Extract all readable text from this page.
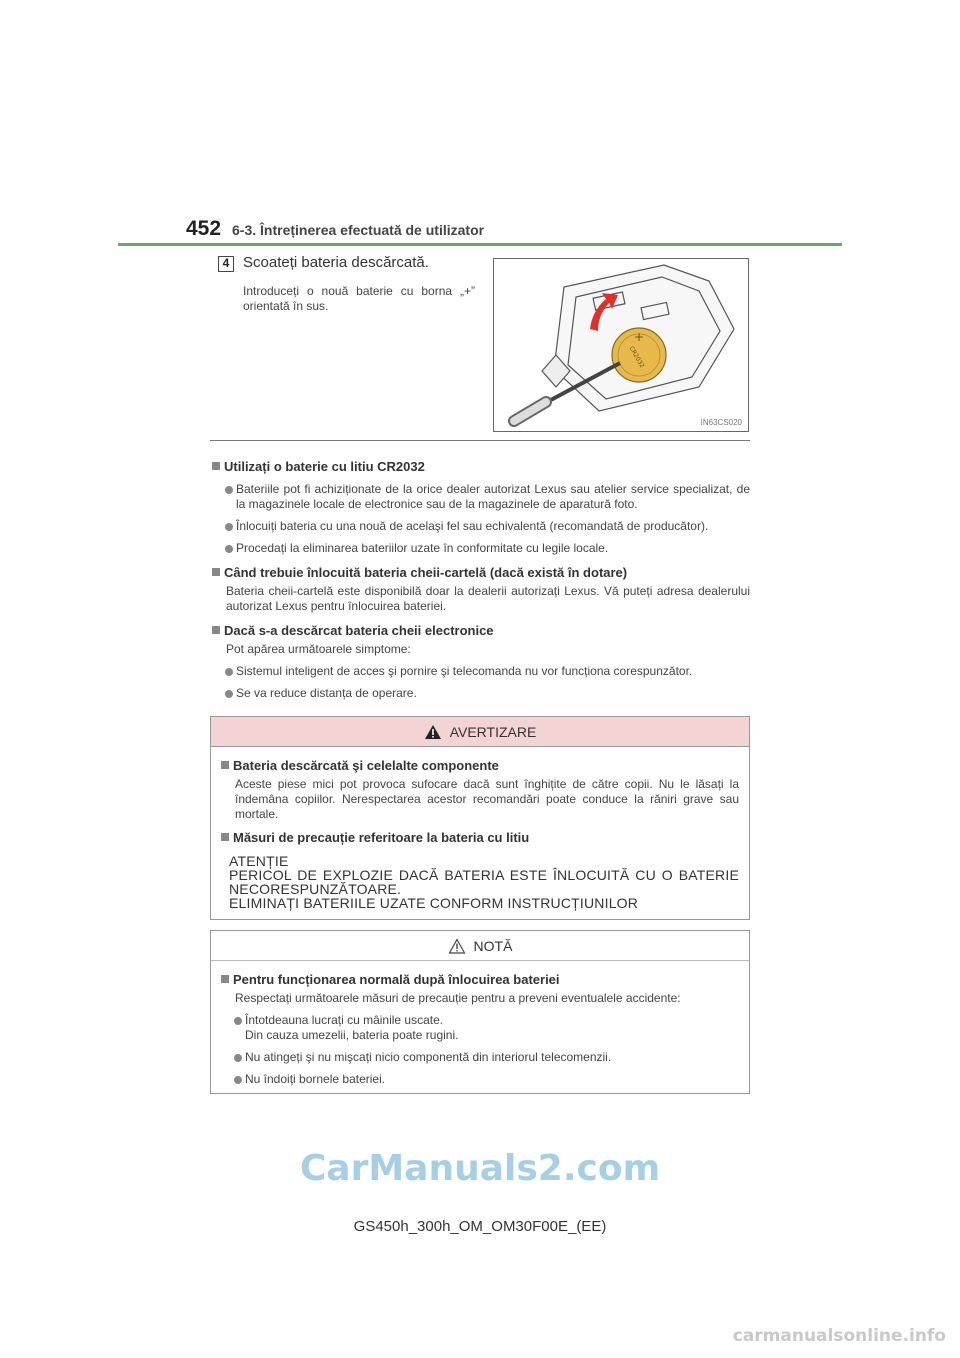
452 6-3. Întreținerea efectuată de utilizator
4 Scoateți bateria descărcată.
Introduceți o nouă baterie cu borna „+” orientată în sus.
+
CR2032
IN63CS020
Utilizați o baterie cu litiu CR2032
Bateriile pot fi achiziționate de la orice dealer autorizat Lexus sau atelier service specializat, de la magazinele locale de electronice sau de la magazinele de aparatură foto.
Înlocuiți bateria cu una nouă de acelaşi fel sau echivalentă (recomandată de producător).
Procedați la eliminarea bateriilor uzate în conformitate cu legile locale.
Când trebuie înlocuită bateria cheii-cartelă (dacă există în dotare)
Bateria cheii-cartelă este disponibilă doar la dealerii autorizați Lexus. Vă puteți adresa dealerului autorizat Lexus pentru înlocuirea bateriei.
Dacă s-a descărcat bateria cheii electronice
Pot apărea următoarele simptome:
Sistemul inteligent de acces şi pornire şi telecomanda nu vor funcționa corespunzător.
Se va reduce distanța de operare.
AVERTIZARE
Bateria descărcată şi celelalte componente
Aceste piese mici pot provoca sufocare dacă sunt înghițite de către copii. Nu le lăsați la îndemâna copiilor. Nerespectarea acestor recomandări poate conduce la răniri grave sau mortale.
Măsuri de precauție referitoare la bateria cu litiu
ATENȚIE
PERICOL DE EXPLOZIE DACĂ BATERIA ESTE ÎNLOCUITĂ CU O BATERIE NECORESPUNZĂTOARE.
ELIMINAȚI BATERIILE UZATE CONFORM INSTRUCȚIUNILOR
NOTĂ
Pentru funcționarea normală după înlocuirea bateriei
Respectați următoarele măsuri de precauție pentru a preveni eventualele accidente:
Întotdeauna lucrați cu mâinile uscate.
Din cauza umezelii, bateria poate rugini.
Nu atingeți şi nu mişcați nicio componentă din interiorul telecomenzii.
Nu îndoiți bornele bateriei.
CarManuals2.com
GS450h_300h_OM_OM30F00E_(EE)
carmanualsonline.info
